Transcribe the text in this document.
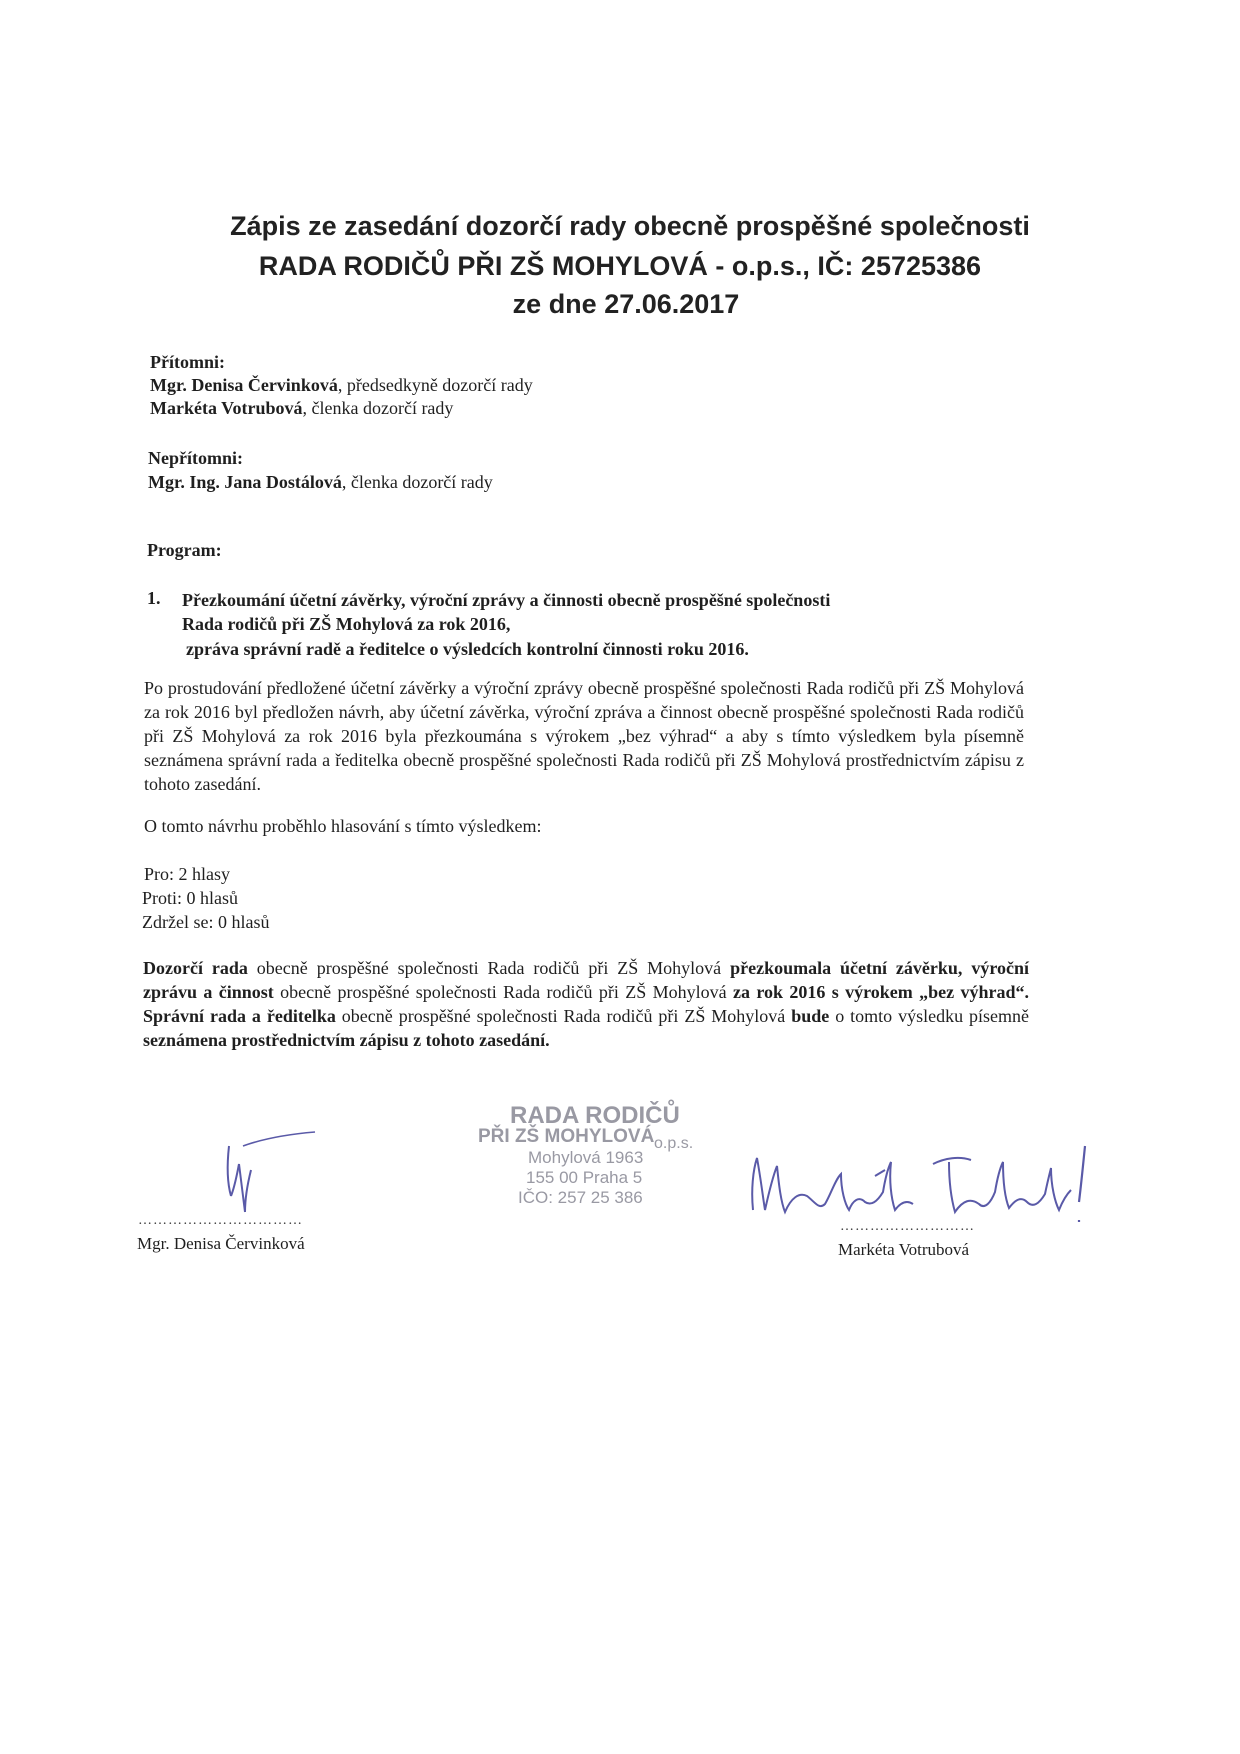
Zápis ze zasedání dozorčí rady obecně prospěšné společnosti
RADA RODIČŮ PŘI ZŠ MOHYLOVÁ - o.p.s., IČ: 25725386
ze dne 27.06.2017
Přítomni:
Mgr. Denisa Červinková, předsedkyně dozorčí rady
Markéta Votrubová, členka dozorčí rady
Nepřítomni:
Mgr. Ing. Jana Dostálová, členka dozorčí rady
Program:
1. Přezkoumání účetní závěrky, výroční zprávy a činnosti obecně prospěšné společnosti
Rada rodičů při ZŠ Mohylová za rok 2016,
zpráva správní radě a ředitelce o výsledcích kontrolní činnosti roku 2016.
Po prostudování předložené účetní závěrky a výroční zprávy obecně prospěšné společnosti Rada rodičů při ZŠ Mohylová za rok 2016 byl předložen návrh, aby účetní závěrka, výroční zpráva a činnost obecně prospěšné společnosti Rada rodičů při ZŠ Mohylová za rok 2016 byla přezkoumána s výrokem „bez výhrad“ a aby s tímto výsledkem byla písemně seznámena správní rada a ředitelka obecně prospěšné společnosti Rada rodičů při ZŠ Mohylová prostřednictvím zápisu z tohoto zasedání.
O tomto návrhu proběhlo hlasování s tímto výsledkem:
Pro: 2 hlasy
Proti: 0 hlasů
Zdržel se: 0 hlasů
Dozorčí rada obecně prospěšné společnosti Rada rodičů při ZŠ Mohylová přezkoumala účetní závěrku, výroční zprávu a činnost obecně prospěšné společnosti Rada rodičů při ZŠ Mohylová za rok 2016 s výrokem „bez výhrad“. Správní rada a ředitelka obecně prospěšné společnosti Rada rodičů při ZŠ Mohylová bude o tomto výsledku písemně seznámena prostřednictvím zápisu z tohoto zasedání.
RADA RODIČŮ
PŘI ZŠ MOHYLOVÁ o.p.s.
Mohylová 1963
155 00 Praha 5
IČO: 257 25 386
……………………………
Mgr. Denisa Červinková
………………………
Markéta Votrubová
